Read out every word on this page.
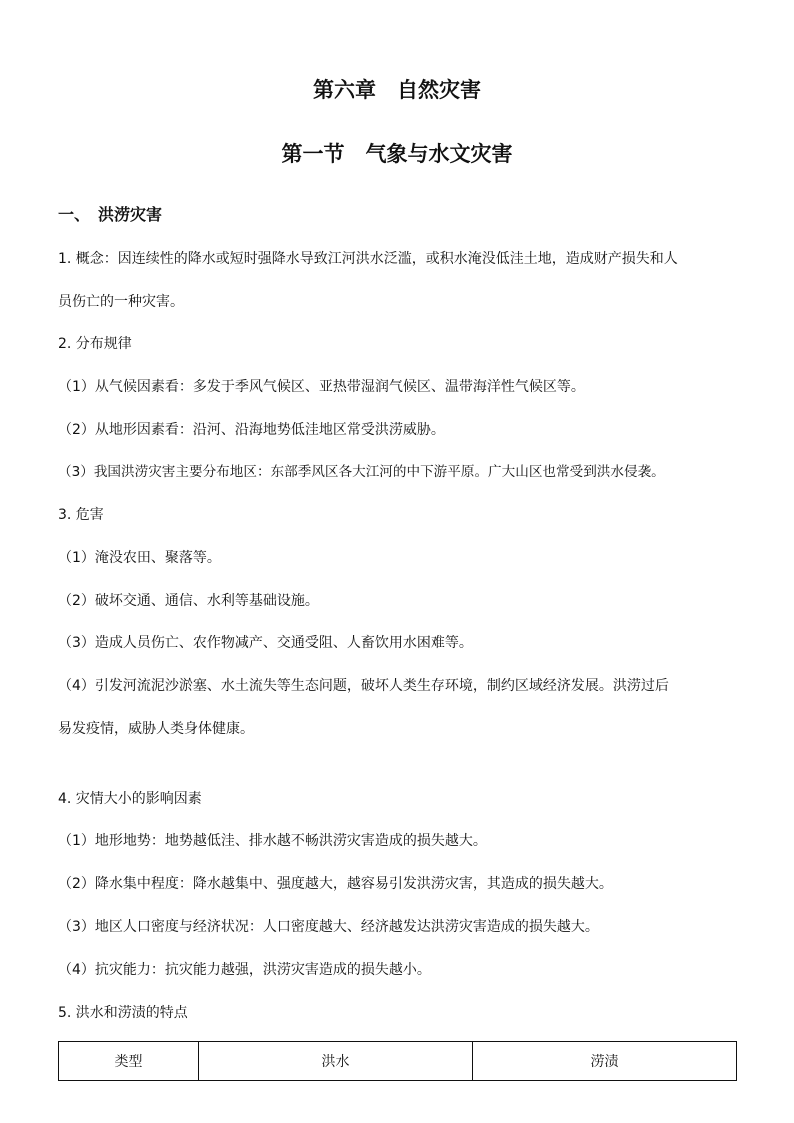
第六章　自然灾害
第一节　气象与水文灾害
一、　洪涝灾害
1. 概念：因连续性的降水或短时强降水导致江河洪水泛滥，或积水淹没低洼土地，造成财产损失和人
员伤亡的一种灾害。
2. 分布规律
（1）从气候因素看：多发于季风气候区、亚热带湿润气候区、温带海洋性气候区等。
（2）从地形因素看：沿河、沿海地势低洼地区常受洪涝威胁。
（3）我国洪涝灾害主要分布地区：东部季风区各大江河的中下游平原。广大山区也常受到洪水侵袭。
3. 危害
（1）淹没农田、聚落等。
（2）破坏交通、通信、水利等基础设施。
（3）造成人员伤亡、农作物减产、交通受阻、人畜饮用水困难等。
（4）引发河流泥沙淤塞、水土流失等生态问题，破坏人类生存环境，制约区域经济发展。洪涝过后
易发疫情，威胁人类身体健康。
4. 灾情大小的影响因素
（1）地形地势：地势越低洼、排水越不畅洪涝灾害造成的损失越大。
（2）降水集中程度：降水越集中、强度越大，越容易引发洪涝灾害，其造成的损失越大。
（3）地区人口密度与经济状况：人口密度越大、经济越发达洪涝灾害造成的损失越大。
（4）抗灾能力：抗灾能力越强，洪涝灾害造成的损失越小。
5. 洪水和涝渍的特点
类型	洪水	涝渍
